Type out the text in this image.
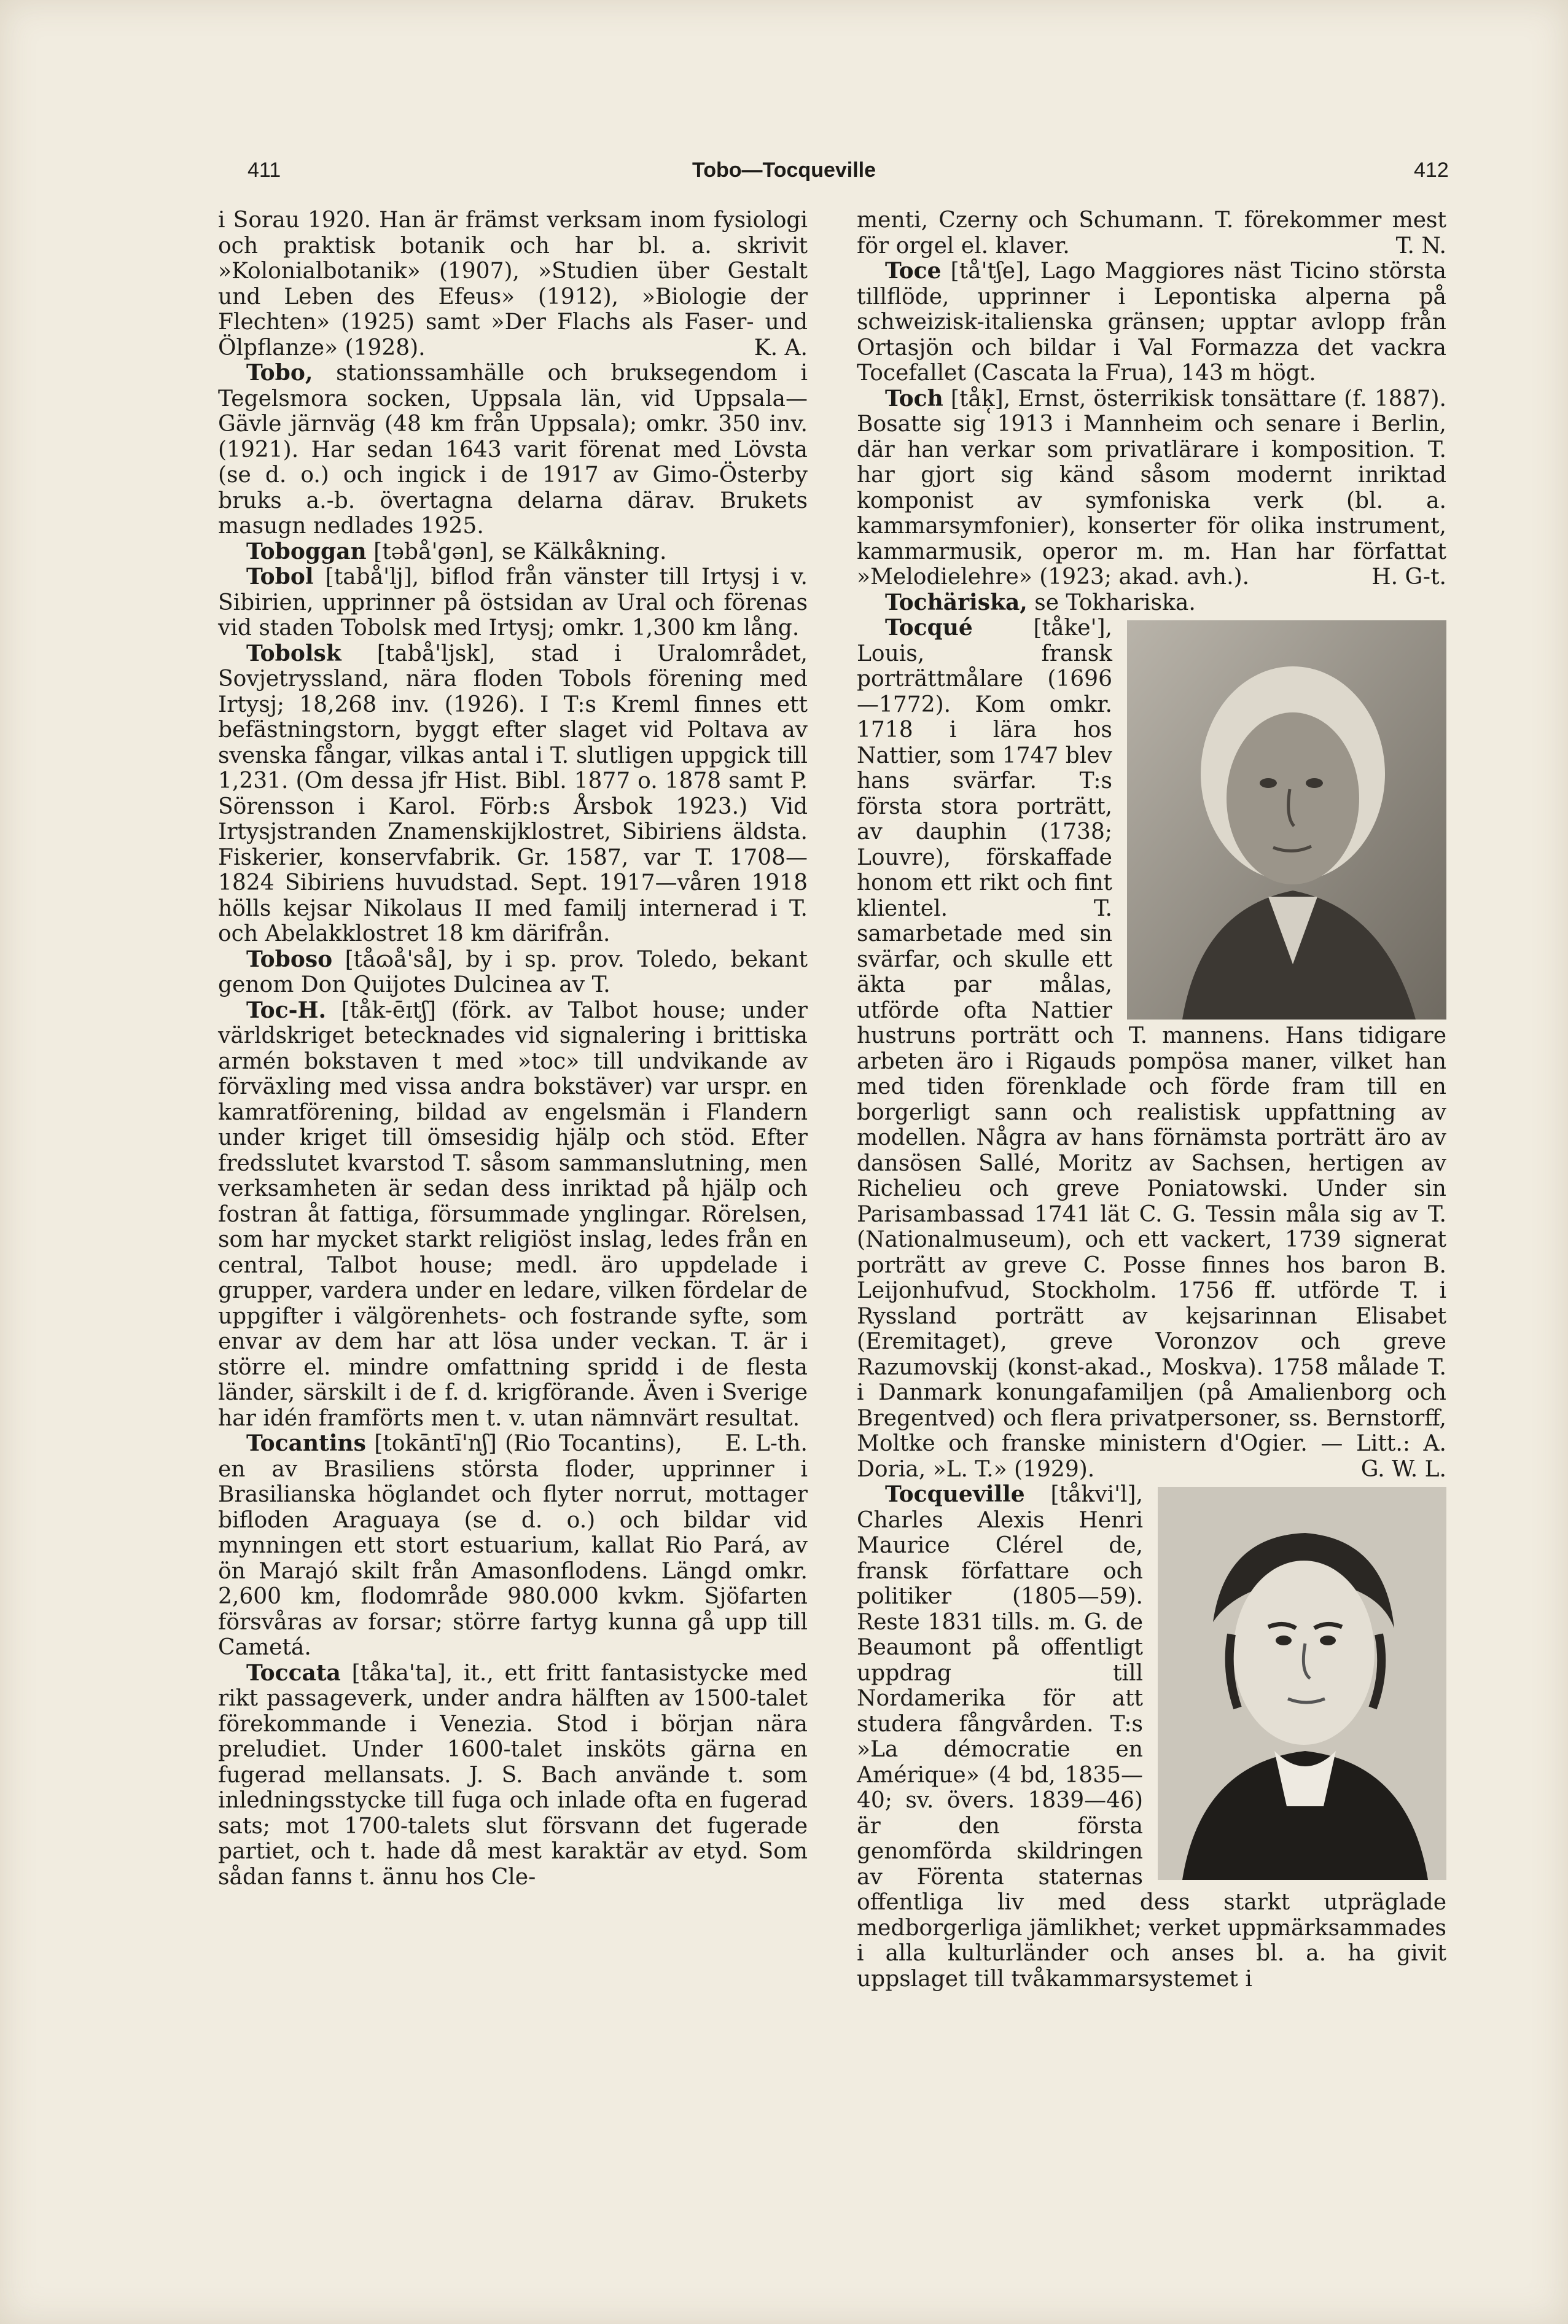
411	Tobo—Tocqueville	412

i Sorau 1920. Han är främst verksam inom fysiologi och praktisk botanik och har bl. a. skrivit »Kolonialbotanik» (1907), »Studien über Gestalt und Leben des Efeus» (1912), »Biologie der Flechten» (1925) samt »Der Flachs als Faser- und Ölpflanze» (1928).	K. A.

Tobo, stationssamhälle och bruksegendom i Tegelsmora socken, Uppsala län, vid Uppsala—Gävle järnväg (48 km från Uppsala); omkr. 350 inv. (1921). Har sedan 1643 varit förenat med Lövsta (se d. o.) och ingick i de 1917 av Gimo-Österby bruks a.-b. övertagna delarna därav. Brukets masugn nedlades 1925.

Toboggan [təbå'gən], se Kälkåkning.

Tobol [tabå'lj], biflod från vänster till Irtysj i v. Sibirien, upprinner på östsidan av Ural och förenas vid staden Tobolsk med Irtysj; omkr. 1,300 km lång.

Tobolsk [tabå'ljsk], stad i Uralområdet, Sovjetryssland, nära floden Tobols förening med Irtysj; 18,268 inv. (1926). I T:s Kreml finnes ett befästningstorn, byggt efter slaget vid Poltava av svenska fångar, vilkas antal i T. slutligen uppgick till 1,231. (Om dessa jfr Hist. Bibl. 1877 o. 1878 samt P. Sörensson i Karol. Förb:s Årsbok 1923.) Vid Irtysjstranden Znamenskijklostret, Sibiriens äldsta. Fiskerier, konservfabrik. Gr. 1587, var T. 1708—1824 Sibiriens huvudstad. Sept. 1917—våren 1918 hölls kejsar Nikolaus II med familj internerad i T. och Abelakklostret 18 km därifrån.

Toboso [tåɷå'så], by i sp. prov. Toledo, bekant genom Don Quijotes Dulcinea av T.

Toc-H. [tåk-ēɪtʃ] (förk. av Talbot house; under världskriget betecknades vid signalering i brittiska armén bokstaven t med »toc» till undvikande av förväxling med vissa andra bokstäver) var urspr. en kamratförening, bildad av engelsmän i Flandern under kriget till ömsesidig hjälp och stöd. Efter fredsslutet kvarstod T. såsom sammanslutning, men verksamheten är sedan dess inriktad på hjälp och fostran åt fattiga, försummade ynglingar. Rörelsen, som har mycket starkt religiöst inslag, ledes från en central, Talbot house; medl. äro uppdelade i grupper, vardera under en ledare, vilken fördelar de uppgifter i välgörenhets- och fostrande syfte, som envar av dem har att lösa under veckan. T. är i större el. mindre omfattning spridd i de flesta länder, särskilt i de f. d. krigförande. Även i Sverige har idén framförts men t. v. utan nämnvärt resultat.
E. L-th.

Tocantins [tokāntī'nʃ] (Rio Tocantins), en av Brasiliens största floder, upprinner i Brasilianska höglandet och flyter norrut, mottager bifloden Araguaya (se d. o.) och bildar vid mynningen ett stort estuarium, kallat Rio Pará, av ön Marajó skilt från Amasonflodens. Längd omkr. 2,600 km, flodområde 980.000 kvkm. Sjöfarten försvåras av forsar; större fartyg kunna gå upp till Cametá.

Toccata [tåka'ta], it., ett fritt fantasistycke med rikt passageverk, under andra hälften av 1500-talet förekommande i Venezia. Stod i början nära preludiet. Under 1600-talet insköts gärna en fugerad mellansats. J. S. Bach använde t. som inledningsstycke till fuga och inlade ofta en fugerad sats; mot 1700-talets slut försvann det fugerade partiet, och t. hade då mest karaktär av etyd. Som sådan fanns t. ännu hos Cle-

menti, Czerny och Schumann. T. förekommer mest för orgel el. klaver.	T. N.

Toce [tå'tʃe], Lago Maggiores näst Ticino största tillflöde, upprinner i Lepontiska alperna på schweizisk-italienska gränsen; upptar avlopp från Ortasjön och bildar i Val Formazza det vackra Tocefallet (Cascata la Frua), 143 m högt.

Toch [tåk̜], Ernst, österrikisk tonsättare (f. 1887). Bosatte sig 1913 i Mannheim och senare i Berlin, där han verkar som privatlärare i komposition. T. har gjort sig känd såsom modernt inriktad komponist av symfoniska verk (bl. a. kammarsymfonier), konserter för olika instrument, kammarmusik, operor m. m. Han har författat »Melodielehre» (1923; akad. avh.).	H. G-t.

Tochäriska, se Tokhariska.

Tocqué	[tåke'], Louis, fransk porträttmålare (1696—1772). Kom omkr. 1718 i lära hos Nattier, som 1747 blev hans svärfar. T:s första stora porträtt, av dauphin (1738; Louvre), förskaffade honom ett rikt och fint klientel. T. samarbetade med sin svärfar, och skulle ett äkta par målas, utförde ofta Nattier hustruns porträtt och T. mannens. Hans tidigare arbeten äro i Rigauds pompösa maner, vilket han med tiden förenklade och förde fram till en borgerligt sann och realistisk uppfattning av modellen. Några av hans förnämsta porträtt äro av dansösen Sallé, Moritz av Sachsen, hertigen av Richelieu och greve Poniatowski. Under sin Parisambassad 1741 lät C. G. Tessin måla sig av T. (Nationalmuseum), och ett vackert, 1739 signerat porträtt av greve C. Posse finnes hos baron B. Leijonhufvud, Stockholm. 1756 ff. utförde T. i Ryssland porträtt av kejsarinnan Elisabet (Eremitaget), greve Voronzov och greve Razumovskij (konst-akad., Moskva). 1758 målade T. i Danmark konungafamiljen (på Amalienborg och Bregentved) och flera privatpersoner, ss. Bernstorff, Moltke och franske ministern d'Ogier. — Litt.: A. Doria, »L. T.» (1929).	G. W. L.

Tocqueville [tåkvi'l], Charles Alexis Henri Maurice Clérel de, fransk författare och politiker (1805—59). Reste 1831 tills. m. G. de Beaumont på offentligt uppdrag till Nordamerika för att studera fångvården. T:s »La démocratie en Amérique» (4 bd, 1835—40; sv. övers. 1839—46) är den första genomförda skildringen av Förenta staternas offentliga liv med dess starkt utpräglade medborgerliga jämlikhet; verket uppmärksammades i alla kulturländer och anses bl. a. ha givit uppslaget till tvåkammarsystemet i
